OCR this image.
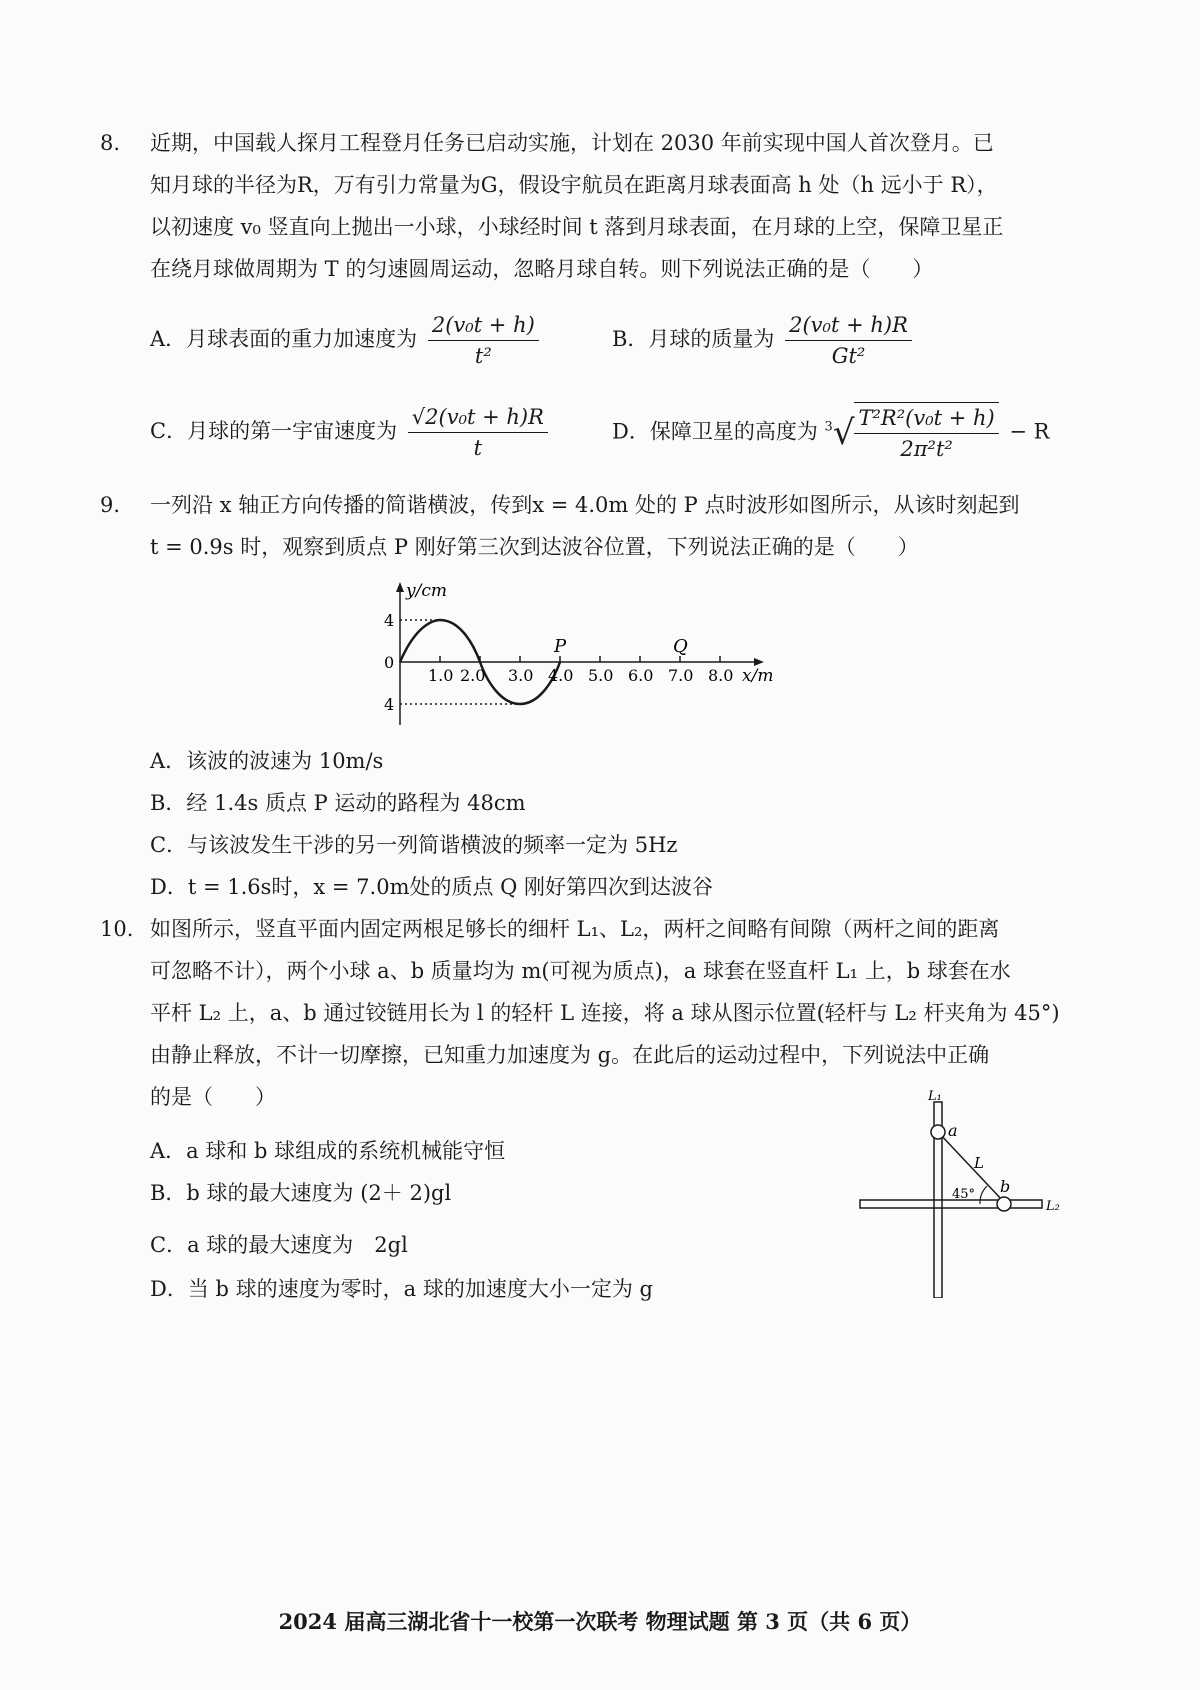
8. 近期，中国载人探月工程登月任务已启动实施，计划在 2030 年前实现中国人首次登月。已
知月球的半径为R，万有引力常量为G，假设宇航员在距离月球表面高 h 处（h 远小于 R），
以初速度 v₀ 竖直向上抛出一小球，小球经时间 t 落到月球表面，在月球的上空，保障卫星正
在绕月球做周期为 T 的匀速圆周运动，忽略月球自转。则下列说法正确的是（　　）
A．月球表面的重力加速度为 $\frac{\text{2(v₀t + h)}}{\text{t²}}$	B．月球的质量为 $\frac{\text{2(v₀t + h)R}}{\text{Gt²}}$
C．月球的第一宇宙速度为 $\frac{\text{√2(v₀t + h)R}}{t}$	D．保障卫星的高度为 $^3√ \frac{\text{T²R²(v₀t + h)}}{\text{2π²t²}} - R$
9. 一列沿 x 轴正方向传播的简谐横波，传到x = 4.0m 处的 P 点时波形如图所示，从该时刻起到
t = 0.9s 时，观察到质点 P 刚好第三次到达波谷位置，下列说法正确的是（　　）
y/cm
4
0
4
1.0 2.0 3.0 4.0 5.0 6.0 7.0 8.0 x/m
P	Q
A．该波的波速为 10m/s
B．经 1.4s 质点 P 运动的路程为 48cm
C．与该波发生干涉的另一列简谐横波的频率一定为 5Hz
D．t = 1.6s时，x = 7.0m处的质点 Q 刚好第四次到达波谷
10. 如图所示，竖直平面内固定两根足够长的细杆 L₁、L₂，两杆之间略有间隙（两杆之间的距离
可忽略不计），两个小球 a、b 质量均为 m(可视为质点)，a 球套在竖直杆 L₁ 上，b 球套在水
平杆 L₂ 上，a、b 通过铰链用长为 l 的轻杆 L 连接，将 a 球从图示位置(轻杆与 L₂ 杆夹角为 45°)
由静止释放，不计一切摩擦，已知重力加速度为 g。在此后的运动过程中，下列说法中正确
的是（　　）
A．a 球和 b 球组成的系统机械能守恒
B．b 球的最大速度为 (2＋ 2)gl
C．a 球的最大速度为　2gl
D．当 b 球的速度为零时，a 球的加速度大小一定为 g
L₁
a
L
45° b
L₂
2024 届高三湖北省十一校第一次联考 物理试题 第 3 页（共 6 页）
